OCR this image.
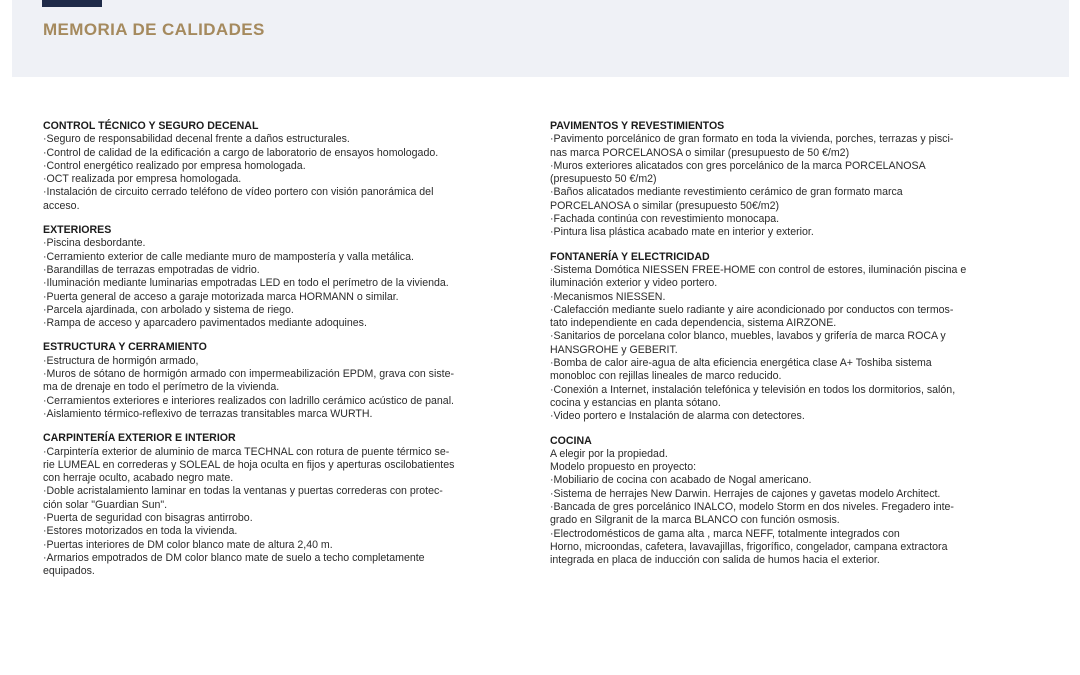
MEMORIA DE CALIDADES
CONTROL TÉCNICO Y SEGURO DECENAL
·Seguro de responsabilidad decenal frente a daños estructurales.
·Control de calidad de la edificación a cargo de laboratorio de ensayos homologado.
·Control energético realizado por empresa homologada.
·OCT realizada por empresa homologada.
·Instalación de circuito cerrado teléfono de vídeo portero con visión panorámica del
acceso.
EXTERIORES
·Piscina desbordante.
·Cerramiento exterior de calle mediante muro de mampostería y valla metálica.
·Barandillas de terrazas empotradas de vidrio.
·Iluminación mediante luminarias empotradas LED en todo el perímetro de la vivienda.
·Puerta general de acceso a garaje motorizada marca HORMANN o similar.
·Parcela ajardinada, con arbolado y sistema de riego.
·Rampa de acceso y aparcadero pavimentados mediante adoquines.
ESTRUCTURA Y CERRAMIENTO
·Estructura de hormigón armado,
·Muros de sótano de hormigón armado con impermeabilización EPDM, grava con siste-
ma de drenaje en todo el perímetro de la vivienda.
·Cerramientos exteriores e interiores realizados con ladrillo cerámico acústico de panal.
·Aislamiento térmico-reflexivo de terrazas transitables marca WURTH.
CARPINTERÍA EXTERIOR E INTERIOR
·Carpintería exterior de aluminio de marca TECHNAL con rotura de puente térmico se-
rie LUMEAL en correderas y SOLEAL de hoja oculta en fijos y aperturas oscilobatientes
con herraje oculto, acabado negro mate.
·Doble acristalamiento laminar en todas la ventanas y puertas correderas con protec-
ción solar "Guardian Sun".
·Puerta de seguridad con bisagras antirrobo.
·Estores motorizados en toda la vivienda.
·Puertas interiores de DM color blanco mate de altura 2,40 m.
·Armarios empotrados de DM color blanco mate de suelo a techo completamente
equipados.
PAVIMENTOS Y REVESTIMIENTOS
·Pavimento porcelánico de gran formato en toda la vivienda, porches, terrazas y pisci-
nas marca PORCELANOSA o similar (presupuesto de 50 €/m2)
·Muros exteriores alicatados con gres porcelánico de la marca PORCELANOSA
(presupuesto 50 €/m2)
·Baños alicatados mediante revestimiento cerámico de gran formato marca
PORCELANOSA o similar (presupuesto 50€/m2)
·Fachada continúa con revestimiento monocapa.
·Pintura lisa plástica acabado mate en interior y exterior.
FONTANERÍA Y ELECTRICIDAD
·Sistema Domótica NIESSEN FREE-HOME con control de estores, iluminación piscina e
iluminación exterior y video portero.
·Mecanismos NIESSEN.
·Calefacción mediante suelo radiante y aire acondicionado por conductos con termos-
tato independiente en cada dependencia, sistema AIRZONE.
·Sanitarios de porcelana color blanco, muebles, lavabos y grifería de marca ROCA y
HANSGROHE y GEBERIT.
·Bomba de calor aire-agua de alta eficiencia energética clase A+ Toshiba sistema
monobloc con rejillas lineales de marco reducido.
·Conexión a Internet, instalación telefónica y televisión en todos los dormitorios, salón,
cocina y estancias en planta sótano.
·Video portero e Instalación de alarma con detectores.
COCINA
A elegir por la propiedad.
Modelo propuesto en proyecto:
·Mobiliario de cocina con acabado de Nogal americano.
·Sistema de herrajes New Darwin. Herrajes de cajones y gavetas modelo Architect.
·Bancada de gres porcelánico INALCO, modelo Storm en dos niveles. Fregadero inte-
grado en Silgranit de la marca BLANCO con función osmosis.
·Electrodomésticos de gama alta , marca NEFF, totalmente integrados con
Horno, microondas, cafetera, lavavajillas, frigorífico, congelador, campana extractora
integrada en placa de inducción con salida de humos hacia el exterior.
